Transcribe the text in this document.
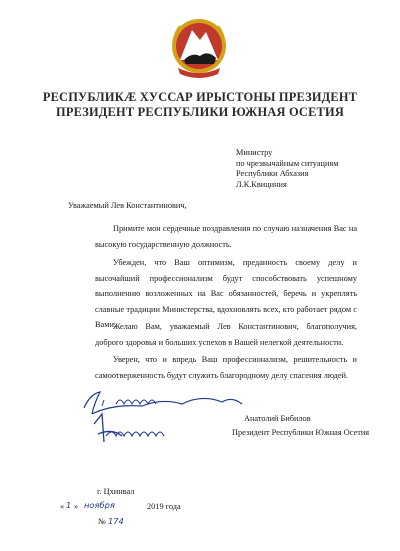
РЕСПУБЛИКÆ ХУССАР ИРЫСТОНЫ ПРЕЗИДЕНТ
ПРЕЗИДЕНТ РЕСПУБЛИКИ ЮЖНАЯ ОСЕТИЯ
Министру
по чрезвычайным ситуациям
Республики Абхазия
Л.К.Квициния
Уважаемый Лев Константинович,

Примите мои сердечные поздравления по случаю назначения Вас на высокую государственную должность.

Убежден, что Ваш оптимизм, преданность своему делу и высочайший профессионализм будут способствовать успешному выполнению возложенных на Вас обязанностей, беречь и укреплять славные традиции Министерства, вдохновлять всех, кто работает рядом с Вами.

Желаю Вам, уважаемый Лев Константинович, благополучия, доброго здоровья и больших успехов в Вашей нелегкой деятельности.

Уверен, что и впредь Ваш профессионализм, решительность и самоотверженность будут служить благородному делу спасения людей.

Анатолий Бибилов
Президент Республики Южная Осетия
г. Цхинвал
« 1 » ноября	2019 года
№ 174
